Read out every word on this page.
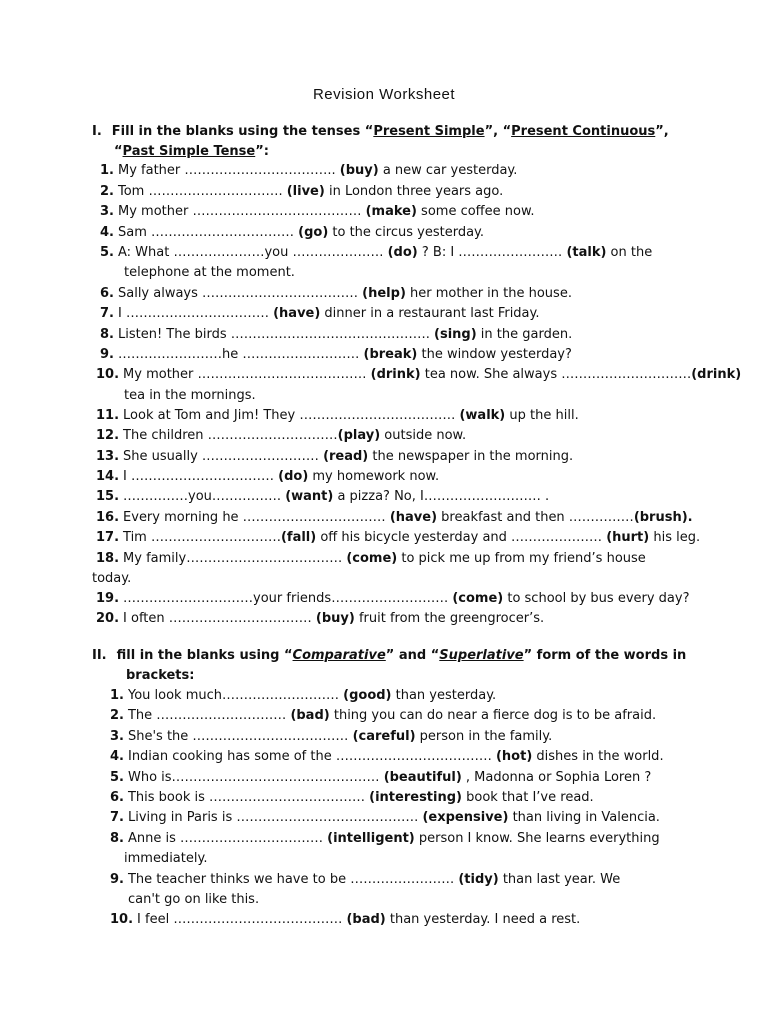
Revision Worksheet
I. Fill in the blanks using the tenses “Present Simple”, “Present Continuous”,
“Past Simple Tense”:
1. My father …………………………….. (buy) a new car yesterday.
2. Tom …………………………. (live) in London three years ago.
3. My mother ………………………………… (make) some coffee now.
4. Sam …………………………… (go) to the circus yesterday.
5. A: What …………………you ………………… (do) ? B: I …………………… (talk) on the
telephone at the moment.
6. Sally always ……………………………… (help) her mother in the house.
7. I …………………………… (have) dinner in a restaurant last Friday.
8. Listen! The birds ………………………………………. (sing) in the garden.
9. ……………………he ……………………… (break) the window yesterday?
10. My mother ………………………………… (drink) tea now. She always …………………………(drink)
tea in the mornings.
11. Look at Tom and Jim! They ……………………………… (walk) up the hill.
12. The children …………………………(play) outside now.
13. She usually ……………………… (read) the newspaper in the morning.
14. I …………………………… (do) my homework now.
15. ……………you……………. (want) a pizza? No, I……………………… .
16. Every morning he …………………………… (have) breakfast and then ……………(brush).
17. Tim …………………………(fall) off his bicycle yesterday and ………………… (hurt) his leg.
18. My family……………………………… (come) to pick me up from my friend’s house
today.
19. …………………………your friends……………………… (come) to school by bus every day?
20. I often …………………………… (buy) fruit from the greengrocer’s.
II. fill in the blanks using “Comparative” and “Superlative” form of the words in
brackets:
1. You look much……………………… (good) than yesterday.
2. The ………………………… (bad) thing you can do near a fierce dog is to be afraid.
3. She's the ……………………………… (careful) person in the family.
4. Indian cooking has some of the ……………………………… (hot) dishes in the world.
5. Who is………………………………………… (beautiful) , Madonna or Sophia Loren ?
6. This book is ……………………………… (interesting) book that I’ve read.
7. Living in Paris is …………………………………… (expensive) than living in Valencia.
8. Anne is …………………………… (intelligent) person I know. She learns everything
immediately.
9. The teacher thinks we have to be …………………… (tidy) than last year. We
can't go on like this.
10. I feel ………………………………… (bad) than yesterday. I need a rest.
